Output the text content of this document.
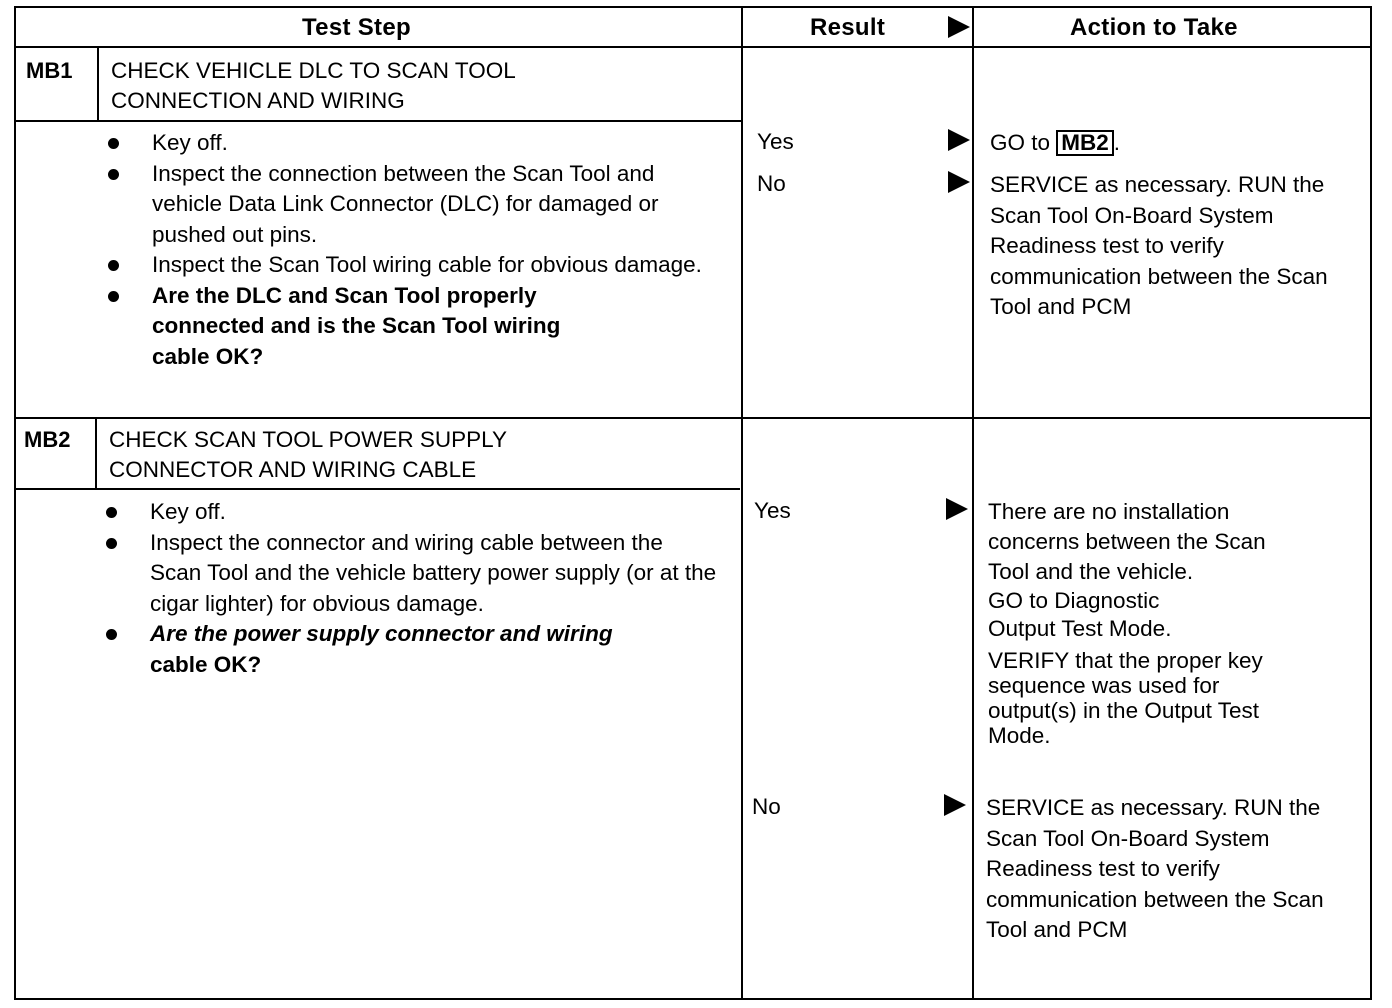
Test Step	Result	Action to Take
MB1 CHECK VEHICLE DLC TO SCAN TOOL
CONNECTION AND WIRING
Key off.
Inspect the connection between the Scan Tool and vehicle Data Link Connector (DLC) for damaged or pushed out pins.
Inspect the Scan Tool wiring cable for obvious damage.
Are the DLC and Scan Tool properly connected and is the Scan Tool wiring cable OK?
Yes	GO to MB2 .
No	SERVICE as necessary. RUN the Scan Tool On-Board System Readiness test to verify communication between the Scan Tool and PCM
MB2 CHECK SCAN TOOL POWER SUPPLY
CONNECTOR AND WIRING CABLE
Key off.
Inspect the connector and wiring cable between the Scan Tool and the vehicle battery power supply (or at the cigar lighter) for obvious damage.
Are the power supply connector and wiring
cable OK?
Yes	There are no installation
concerns between the Scan
Tool and the vehicle.
GO to Diagnostic
Output Test Mode.
VERIFY that the proper key
sequence was used for
output(s) in the Output Test
Mode.
No	SERVICE as necessary. RUN the Scan Tool On-Board System Readiness test to verify communication between the Scan Tool and PCM
